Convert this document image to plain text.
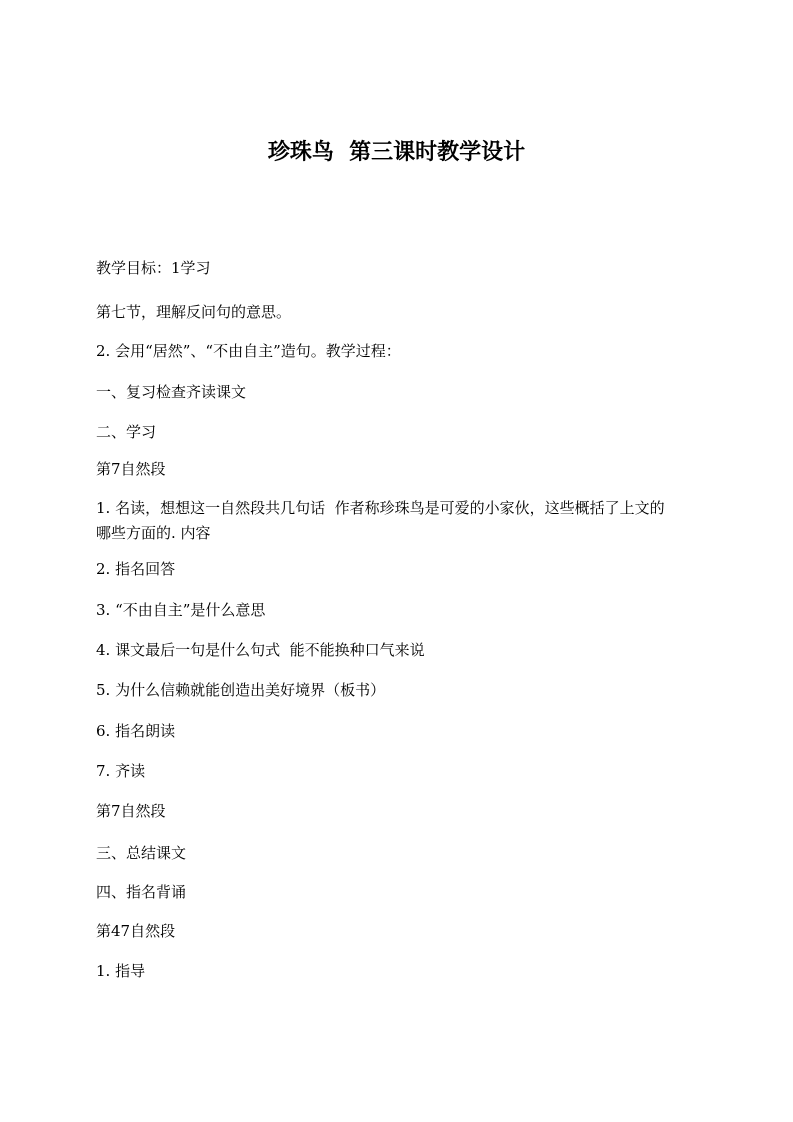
珍珠鸟  第三课时教学设计
教学目标：1学习
第七节，理解反问句的意思。
2. 会用“居然”、“不由自主”造句。教学过程：
一、复习检查齐读课文
二、学习
第7自然段
1. 名读，想想这一自然段共几句话  作者称珍珠鸟是可爱的小家伙，这些概括了上文的
哪些方面的. 内容
2. 指名回答
3. “不由自主”是什么意思
4. 课文最后一句是什么句式  能不能换种口气来说
5. 为什么信赖就能创造出美好境界（板书）
6. 指名朗读
7. 齐读
第7自然段
三、总结课文
四、指名背诵
第47自然段
1. 指导
